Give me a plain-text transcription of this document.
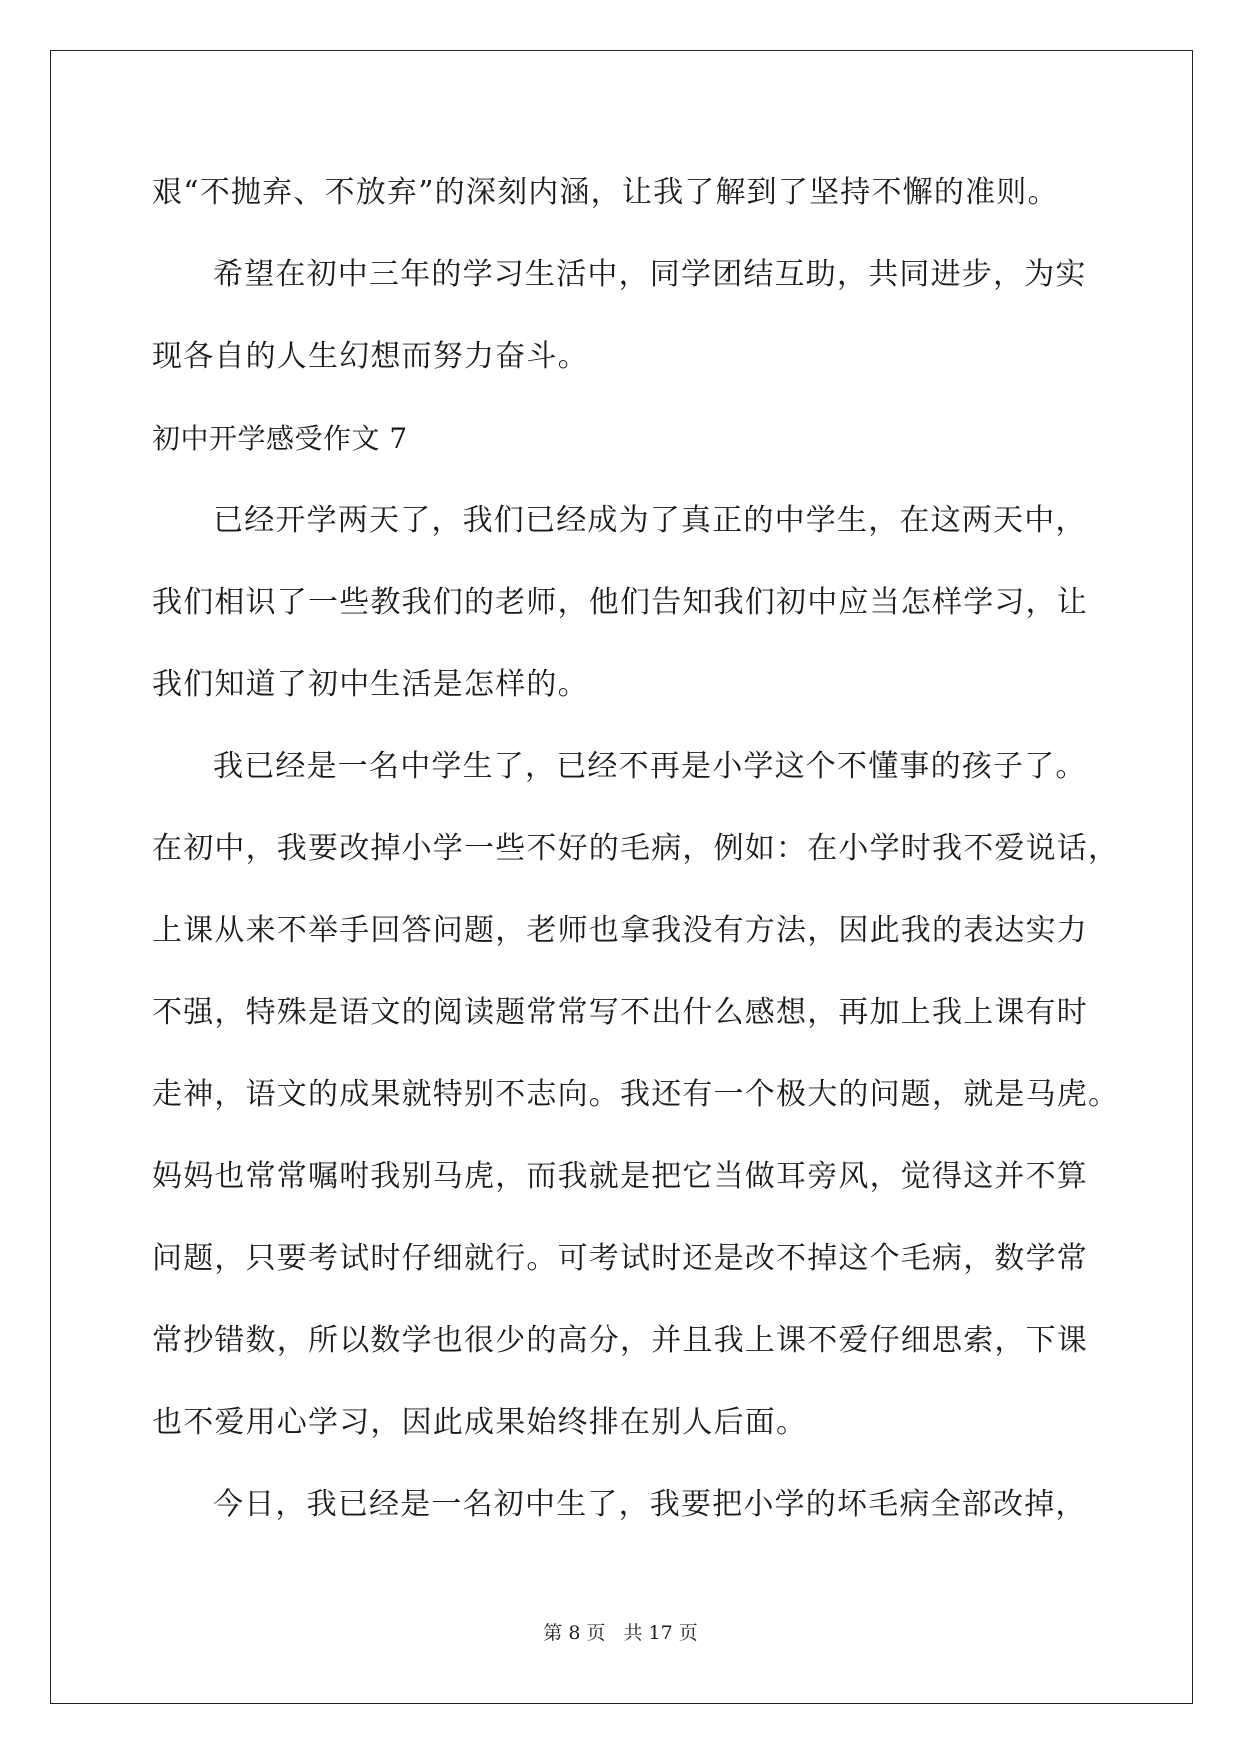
艰“不抛弃、不放弃”的深刻内涵，让我了解到了坚持不懈的准则。

希望在初中三年的学习生活中，同学团结互助，共同进步，为实

现各自的人生幻想而努力奋斗。

初中开学感受作文 7

已经开学两天了，我们已经成为了真正的中学生，在这两天中，

我们相识了一些教我们的老师，他们告知我们初中应当怎样学习，让

我们知道了初中生活是怎样的。

我已经是一名中学生了，已经不再是小学这个不懂事的孩子了。

在初中，我要改掉小学一些不好的毛病，例如：在小学时我不爱说话，

上课从来不举手回答问题，老师也拿我没有方法，因此我的表达实力

不强，特殊是语文的阅读题常常写不出什么感想，再加上我上课有时

走神，语文的成果就特别不志向。我还有一个极大的问题，就是马虎。

妈妈也常常嘱咐我别马虎，而我就是把它当做耳旁风，觉得这并不算

问题，只要考试时仔细就行。可考试时还是改不掉这个毛病，数学常

常抄错数，所以数学也很少的高分，并且我上课不爱仔细思索，下课

也不爱用心学习，因此成果始终排在别人后面。

今日，我已经是一名初中生了，我要把小学的坏毛病全部改掉，

第 8 页 共 17 页
